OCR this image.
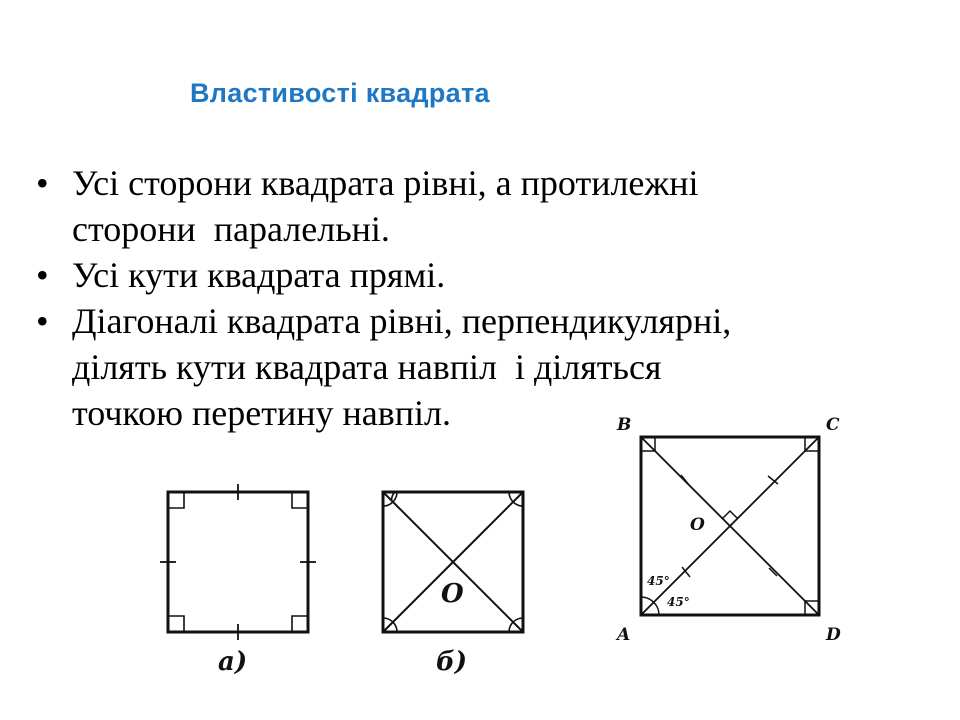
Властивості квадрата
• Усі сторони квадрата рівні, а протилежні
сторони  паралельні.
• Усі кути квадрата прямі.
• Діагоналі квадрата рівні, перпендикулярні,
ділять кути квадрата навпіл  і діляться
точкою перетину навпіл.
а)
O
б)
B	C
A	D
O
45°
45°
